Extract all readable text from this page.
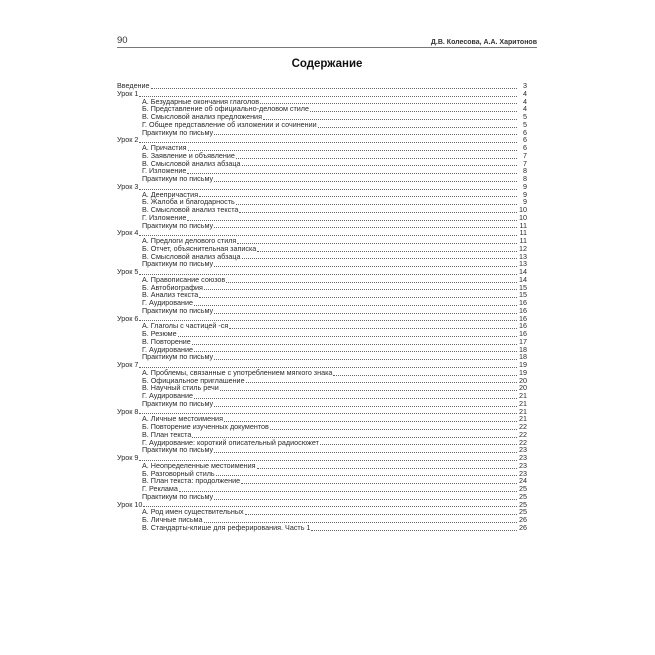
90	Д.В. Колесова, А.А. Харитонов
Содержание
Введение	3
Урок 1	4
А. Безударные окончания глаголов	4
Б. Представление об официально-деловом стиле	4
В. Смысловой анализ предложения	5
Г. Общее представление об изложении и сочинении	5
Практикум по письму	6
Урок 2	6
А. Причастия	6
Б. Заявление и объявление	7
В. Смысловой анализ абзаца	7
Г. Изложение	8
Практикум по письму	8
Урок 3	9
А. Деепричастия	9
Б. Жалоба и благодарность	9
В. Смысловой анализ текста	10
Г. Изложение	10
Практикум по письму	11
Урок 4	11
А. Предлоги делового стиля	11
Б. Отчет, объяснительная записка	12
В. Смысловой анализ абзаца	13
Практикум по письму	13
Урок 5	14
А. Правописание союзов	14
Б. Автобиография	15
В. Анализ текста	15
Г. Аудирование	16
Практикум по письму	16
Урок 6	16
А. Глаголы с частицей -ся	16
Б. Резюме	16
В. Повторение	17
Г. Аудирование	18
Практикум по письму	18
Урок 7	19
А. Проблемы, связанные с употреблением мягкого знака	19
Б. Официальное приглашение	20
В. Научный стиль речи	20
Г. Аудирование	21
Практикум по письму	21
Урок 8	21
А. Личные местоимения	21
Б. Повторение изученных документов	22
В. План текста	22
Г. Аудирование: короткий описательный радиосюжет	22
Практикум по письму	23
Урок 9	23
А. Неопределенные местоимения	23
Б. Разговорный стиль	23
В. План текста: продолжение	24
Г. Реклама	25
Практикум по письму	25
Урок 10	25
А. Род имен существительных	25
Б. Личные письма	26
В. Стандарты-клише для реферирования. Часть 1	26
